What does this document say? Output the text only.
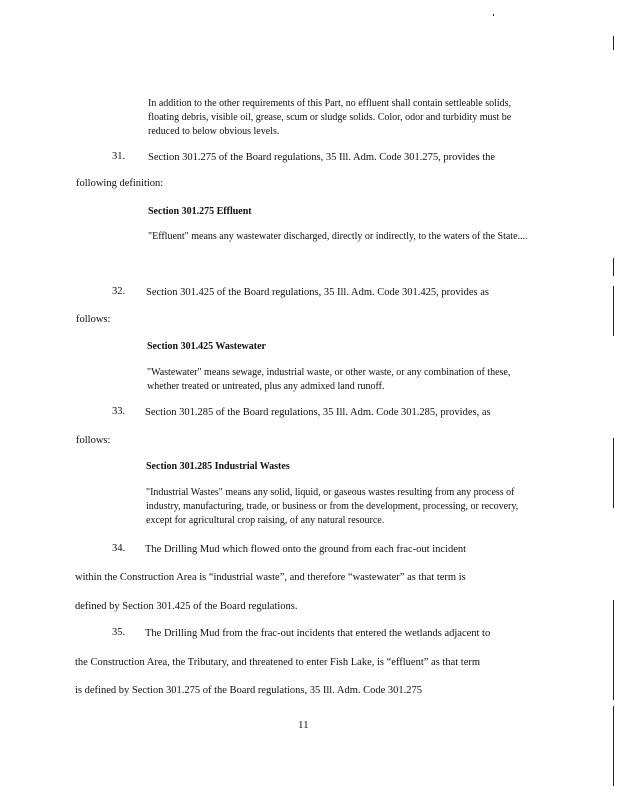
In addition to the other requirements of this Part, no effluent shall contain settleable solids, floating debris, visible oil, grease, scum or sludge solids. Color, odor and turbidity must be reduced to below obvious levels.
31. Section 301.275 of the Board regulations, 35 Ill. Adm. Code 301.275, provides the
following definition:
Section 301.275 Effluent
"Effluent" means any wastewater discharged, directly or indirectly, to the waters of the State....
32. Section 301.425 of the Board regulations, 35 Ill. Adm. Code 301.425, provides as
follows:
Section 301.425 Wastewater
"Wastewater" means sewage, industrial waste, or other waste, or any combination of these, whether treated or untreated, plus any admixed land runoff.
33. Section 301.285 of the Board regulations, 35 Ill. Adm. Code 301.285, provides, as
follows:
Section 301.285 Industrial Wastes
"Industrial Wastes" means any solid, liquid, or gaseous wastes resulting from any process of industry, manufacturing, trade, or business or from the development, processing, or recovery, except for agricultural crop raising, of any natural resource.
34. The Drilling Mud which flowed onto the ground from each frac-out incident
within the Construction Area is “industrial waste”, and therefore “wastewater” as that term is
defined by Section 301.425 of the Board regulations.
35. The Drilling Mud from the frac-out incidents that entered the wetlands adjacent to
the Construction Area, the Tributary, and threatened to enter Fish Lake, is “effluent” as that term
is defined by Section 301.275 of the Board regulations, 35 Ill. Adm. Code 301.275
11
